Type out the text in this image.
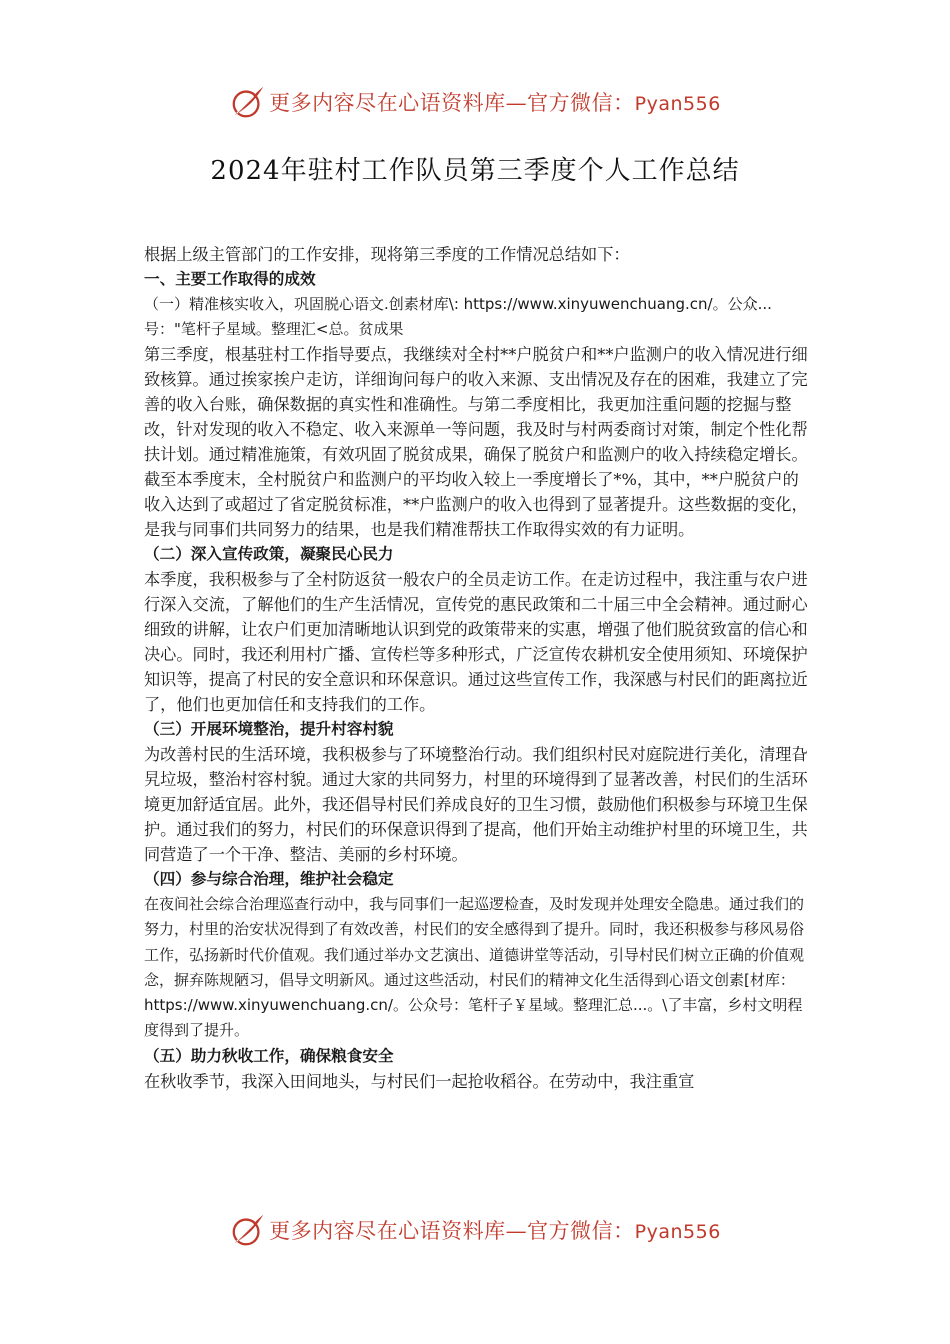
更多内容尽在心语资料库—官方微信：Pyan556
2024年驻村工作队员第三季度个人工作总结

根据上级主管部门的工作安排，现将第三季度的工作情况总结如下：

一、主要工作取得的成效

（一）精准核实收入，巩固脱心语文.创素材库\: https://www.xinyuwenchuang.cn/。公众...号："笔杆子星域。整理汇<总。贫成果

第三季度，根基驻村工作指导要点，我继续对全村**户脱贫户和**户监测户的收入情况进行细致核算。通过挨家挨户走访，详细询问每户的收入来源、支出情况及存在的困难，我建立了完善的收入台账，确保数据的真实性和准确性。与第二季度相比，我更加注重问题的挖掘与整改，针对发现的收入不稳定、收入来源单一等问题，我及时与村两委商讨对策，制定个性化帮扶计划。通过精准施策，有效巩固了脱贫成果，确保了脱贫户和监测户的收入持续稳定增长。截至本季度末，全村脱贫户和监测户的平均收入较上一季度增长了*%，其中，**户脱贫户的收入达到了或超过了省定脱贫标准，**户监测户的收入也得到了显著提升。这些数据的变化，是我与同事们共同努力的结果，也是我们精准帮扶工作取得实效的有力证明。

（二）深入宣传政策，凝聚民心民力

本季度，我积极参与了全村防返贫一般农户的全员走访工作。在走访过程中，我注重与农户进行深入交流，了解他们的生产生活情况，宣传党的惠民政策和二十届三中全会精神。通过耐心细致的讲解，让农户们更加清晰地认识到党的政策带来的实惠，增强了他们脱贫致富的信心和决心。同时，我还利用村广播、宣传栏等多种形式，广泛宣传农耕机安全使用须知、环境保护知识等，提高了村民的安全意识和环保意识。通过这些宣传工作，我深感与村民们的距离拉近了，他们也更加信任和支持我们的工作。

（三）开展环境整治，提升村容村貌

为改善村民的生活环境，我积极参与了环境整治行动。我们组织村民对庭院进行美化，清理旮旯垃圾，整治村容村貌。通过大家的共同努力，村里的环境得到了显著改善，村民们的生活环境更加舒适宜居。此外，我还倡导村民们养成良好的卫生习惯，鼓励他们积极参与环境卫生保护。通过我们的努力，村民们的环保意识得到了提高，他们开始主动维护村里的环境卫生，共同营造了一个干净、整洁、美丽的乡村环境。

（四）参与综合治理，维护社会稳定

在夜间社会综合治理巡查行动中，我与同事们一起巡逻检查，及时发现并处理安全隐患。通过我们的努力，村里的治安状况得到了有效改善，村民们的安全感得到了提升。同时，我还积极参与移风易俗工作，弘扬新时代价值观。我们通过举办文艺演出、道德讲堂等活动，引导村民们树立正确的价值观念，摒弃陈规陋习，倡导文明新风。通过这些活动，村民们的精神文化生活得到心语文创素[材库：https://www.xinyuwenchuang.cn/。公众号：笔杆子￥星域。整理汇总...。\了丰富，乡村文明程度得到了提升。

（五）助力秋收工作，确保粮食安全

在秋收季节，我深入田间地头，与村民们一起抢收稻谷。在劳动中，我注重宣

更多内容尽在心语资料库—官方微信：Pyan556
